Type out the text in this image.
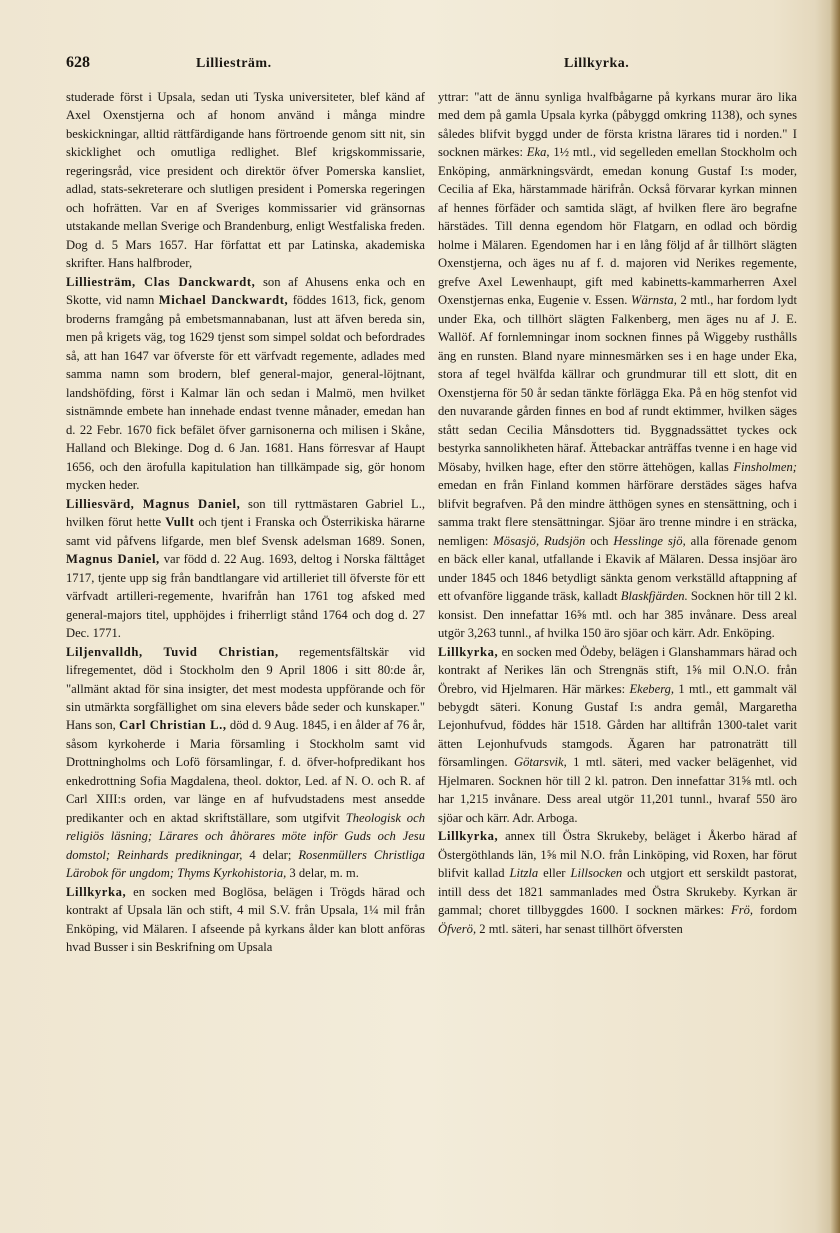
628	Lilliesträm.	Lillkyrka.

studerade först i Upsala, sedan uti Tyska universiteter, blef känd af Axel Oxenstjerna och af honom använd i många mindre beskickningar, alltid rättfärdigande hans förtroende genom sitt nit, sin skicklighet och omutliga redlighet. Blef krigskommissarie, regeringsråd, vice president och direktör öfver Pomerska kansliet, adlad, stats-sekreterare och slutligen president i Pomerska regeringen och hofrätten. Var en af Sveriges kommissarier vid gränsornas utstakande mellan Sverige och Brandenburg, enligt Westfaliska freden. Dog d. 5 Mars 1657. Har författat ett par Latinska, akademiska skrifter. Hans halfbroder,

Lilliesträm, Clas Danckwardt, son af Ahusens enka och en Skotte, vid namn Michael Danckwardt, föddes 1613, fick, genom broderns framgång på embetsmannabanan, lust att äfven bereda sin, men på krigets väg, tog 1629 tjenst som simpel soldat och befordrades så, att han 1647 var öfverste för ett värfvadt regemente, adlades med samma namn som brodern, blef general-major, general-löjtnant, landshöfding, först i Kalmar län och sedan i Malmö, men hvilket sistnämnde embete han innehade endast tvenne månader, emedan han d. 22 Febr. 1670 fick befälet öfver garnisonerna och milisen i Skåne, Halland och Blekinge. Dog d. 6 Jan. 1681. Hans förresvar af Haupt 1656, och den ärofulla kapitulation han tillkämpade sig, gör honom mycken heder.

Lilliesvärd, Magnus Daniel, son till ryttmästaren Gabriel L., hvilken förut hette Vullt och tjent i Franska och Österrikiska härarne samt vid påfvens lifgarde, men blef Svensk adelsman 1689. Sonen, Magnus Daniel, var född d. 22 Aug. 1693, deltog i Norska fälttåget 1717, tjente upp sig från bandtlangare vid artilleriet till öfverste för ett värfvadt artilleri-regemente, hvarifrån han 1761 tog afsked med general-majors titel, upphöjdes i friherrligt stånd 1764 och dog d. 27 Dec. 1771.

Liljenvalldh, Tuvid Christian, regementsfältskär vid lifregementet, död i Stockholm den 9 April 1806 i sitt 80:de år, "allmänt aktad för sina insigter, det mest modesta uppförande och för sin utmärkta sorgfällighet om sina elevers både seder och kunskaper." Hans son, Carl Christian L., död d. 9 Aug. 1845, i en ålder af 76 år, såsom kyrkoherde i Maria församling i Stockholm samt vid Drottningholms och Lofö församlingar, f. d. öfver-hofpredikant hos enkedrottning Sofia Magdalena, theol. doktor, Led. af N. O. och R. af Carl XIII:s orden, var länge en af hufvudstadens mest ansedde predikanter och en aktad skriftställare, som utgifvit Theologisk och religiös läsning; Lärares och åhörares möte inför Guds och Jesu domstol; Reinhards predikningar, 4 delar; Rosenmüllers Christliga Lärobok för ungdom; Thyms Kyrkohistoria, 3 delar, m. m.

Lillkyrka, en socken med Boglösa, belägen i Trögds härad och kontrakt af Upsala län och stift, 4 mil S.V. från Upsala, 1¼ mil från Enköping, vid Mälaren. I afseende på kyrkans ålder kan blott anföras hvad Busser i sin Beskrifning om Upsala

yttrar: "att de ännu synliga hvalfbågarne på kyrkans murar äro lika med dem på gamla Upsala kyrka (påbyggd omkring 1138), och synes således blifvit byggd under de första kristna lärares tid i norden." I socknen märkes: Eka, 1½ mtl., vid segelleden emellan Stockholm och Enköping, anmärkningsvärdt, emedan konung Gustaf I:s moder, Cecilia af Eka, härstammade härifrån. Också förvarar kyrkan minnen af hennes förfäder och samtida slägt, af hvilken flere äro begrafne härstädes. Till denna egendom hör Flatgarn, en odlad och bördig holme i Mälaren. Egendomen har i en lång följd af år tillhört slägten Oxenstjerna, och äges nu af f. d. majoren vid Nerikes regemente, grefve Axel Lewenhaupt, gift med kabinetts-kammarherren Axel Oxenstjernas enka, Eugenie v. Essen. Wärnsta, 2 mtl., har fordom lydt under Eka, och tillhört slägten Falkenberg, men äges nu af J. E. Wallöf. Af fornlemningar inom socknen finnes på Wiggeby rusthålls äng en runsten. Bland nyare minnesmärken ses i en hage under Eka, stora af tegel hvälfda källrar och grundmurar till ett slott, dit en Oxenstjerna för 50 år sedan tänkte förlägga Eka. På en hög stenfot vid den nuvarande gården finnes en bod af rundt ektimmer, hvilken säges stått sedan Cecilia Månsdotters tid. Byggnadssättet tyckes ock bestyrka sannolikheten häraf. Ättebackar anträffas tvenne i en hage vid Mösaby, hvilken hage, efter den större ättehögen, kallas Finsholmen; emedan en från Finland kommen härförare derstädes säges hafva blifvit begrafven. På den mindre ätthögen synes en stensättning, och i samma trakt flere stensättningar. Sjöar äro trenne mindre i en sträcka, nemligen: Mösasjö, Rudsjön och Hesslinge sjö, alla förenade genom en bäck eller kanal, utfallande i Ekavik af Mälaren. Dessa insjöar äro under 1845 och 1846 betydligt sänkta genom verkställd aftappning af ett ofvanföre liggande träsk, kalladt Blaskfjärden. Socknen hör till 2 kl. konsist. Den innefattar 16⅝ mtl. och har 385 invånare. Dess areal utgör 3,263 tunnl., af hvilka 150 äro sjöar och kärr. Adr. Enköping.

Lillkyrka, en socken med Ödeby, belägen i Glanshammars härad och kontrakt af Nerikes län och Strengnäs stift, 1⅝ mil O.N.O. från Örebro, vid Hjelmaren. Här märkes: Ekeberg, 1 mtl., ett gammalt väl bebygdt säteri. Konung Gustaf I:s andra gemål, Margaretha Lejonhufvud, föddes här 1518. Gården har alltifrån 1300-talet varit ätten Lejonhufvuds stamgods. Ägaren har patronaträtt till församlingen. Götarsvik, 1 mtl. säteri, med vacker belägenhet, vid Hjelmaren. Socknen hör till 2 kl. patron. Den innefattar 31⅝ mtl. och har 1,215 invånare. Dess areal utgör 11,201 tunnl., hvaraf 550 äro sjöar och kärr. Adr. Arboga.

Lillkyrka, annex till Östra Skrukeby, beläget i Åkerbo härad af Östergöthlands län, 1⅝ mil N.O. från Linköping, vid Roxen, har förut blifvit kallad Litzla eller Lillsocken och utgjort ett serskildt pastorat, intill dess det 1821 sammanlades med Östra Skrukeby. Kyrkan är gammal; choret tillbyggdes 1600. I socknen märkes: Frö, fordom Öfverö, 2 mtl. säteri, har senast tillhört öfversten
